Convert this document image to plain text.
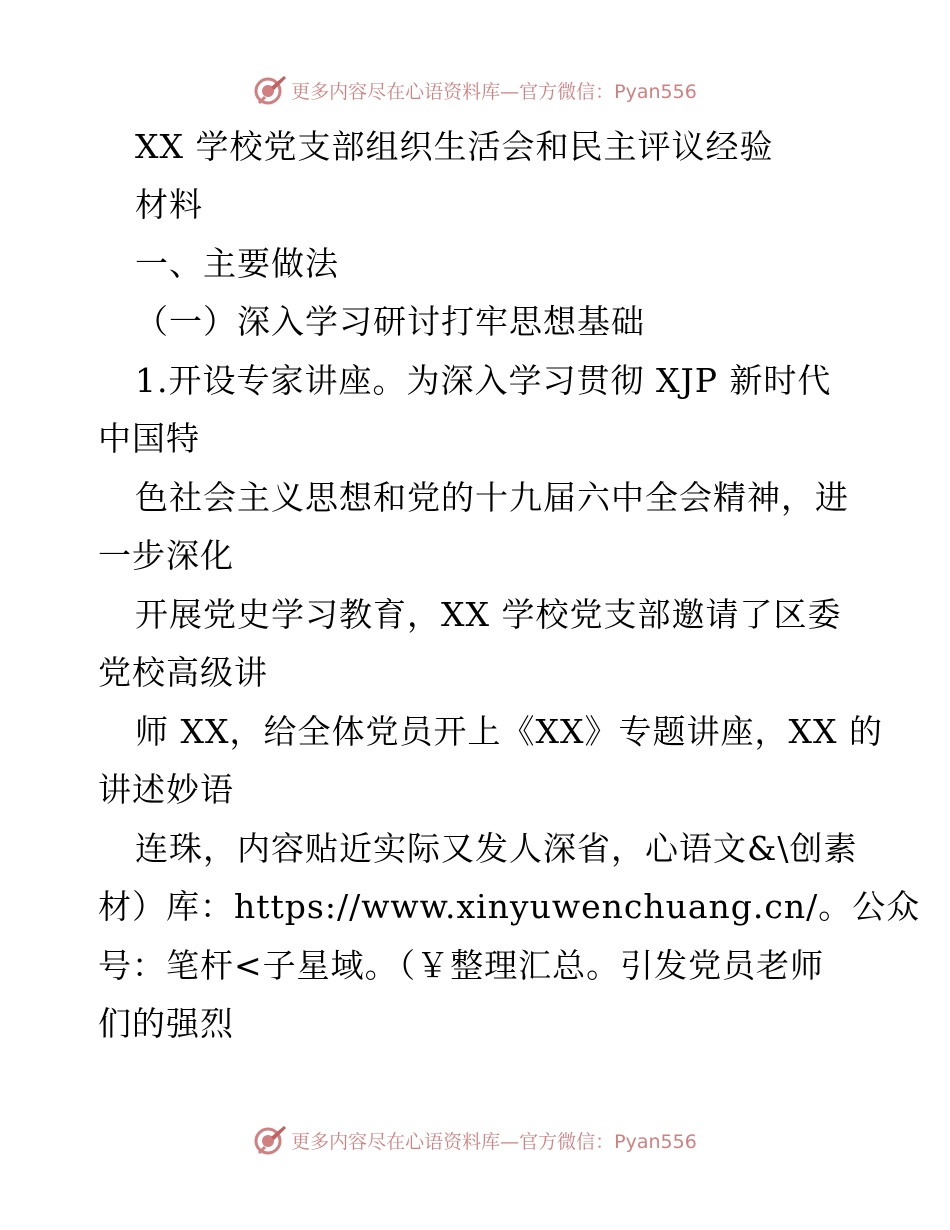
更多内容尽在心语资料库—官方微信：Pyan556
XX 学校党支部组织生活会和民主评议经验
材料
一、主要做法
（一）深入学习研讨打牢思想基础
1.开设专家讲座。为深入学习贯彻 XJP 新时代
中国特
色社会主义思想和党的十九届六中全会精神，进
一步深化
开展党史学习教育，XX 学校党支部邀请了区委
党校高级讲
师 XX，给全体党员开上《XX》专题讲座，XX 的
讲述妙语
连珠，内容贴近实际又发人深省，心语文&\创素
材）库：https://www.xinyuwenchuang.cn/。公众
号：笔杆<子星域。（￥整理汇总。引发党员老师
们的强烈
更多内容尽在心语资料库—官方微信：Pyan556
